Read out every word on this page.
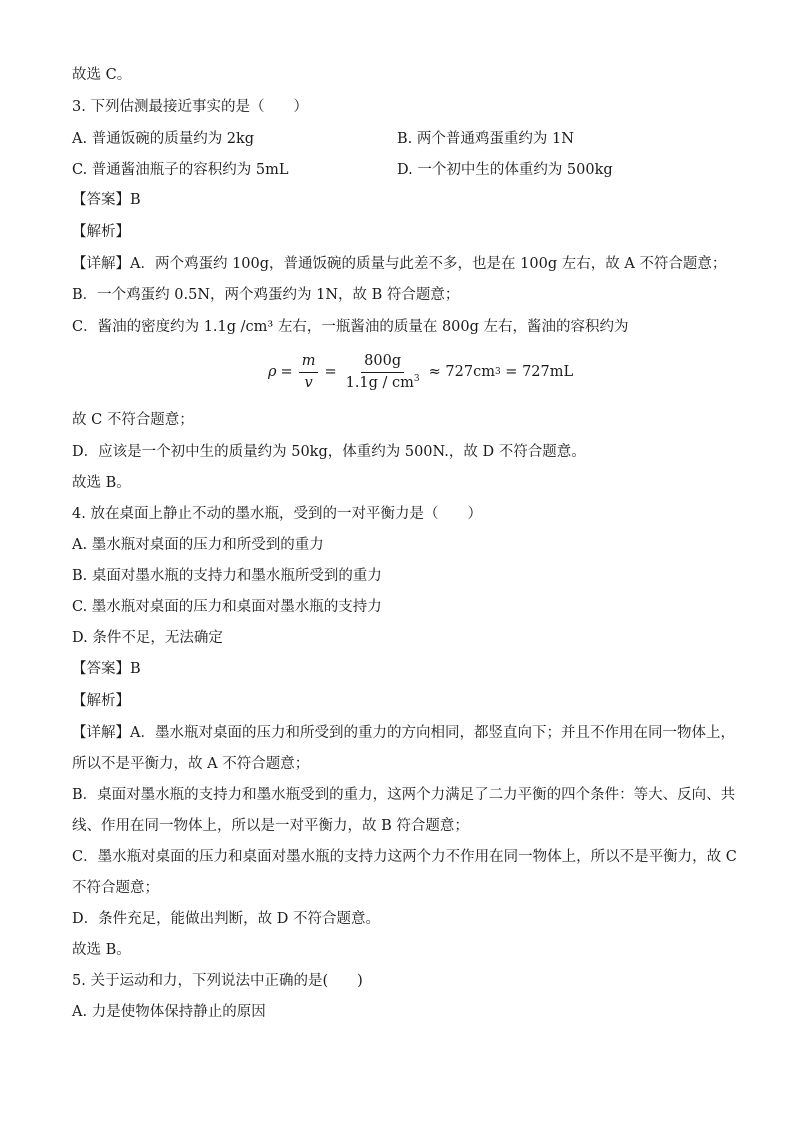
故选 C。
3. 下列估测最接近事实的是（　　）
A. 普通饭碗的质量约为 2kg	B. 两个普通鸡蛋重约为 1N
C. 普通酱油瓶子的容积约为 5mL	D. 一个初中生的体重约为 500kg
【答案】B
【解析】
【详解】A．两个鸡蛋约 100g，普通饭碗的质量与此差不多，也是在 100g 左右，故 A 不符合题意；
B．一个鸡蛋约 0.5N，两个鸡蛋约为 1N，故 B 符合题意；
C．酱油的密度约为 1.1g /cm³ 左右，一瓶酱油的质量在 800g 左右，酱油的容积约为
$\rho = \frac{m}{v} = \frac{800g}{1.1g / cm^3} \approx 727cm$ 3 = 727mL
故 C 不符合题意；
D．应该是一个初中生的质量约为 50kg，体重约为 500N.，故 D 不符合题意。
故选 B。
4. 放在桌面上静止不动的墨水瓶，受到的一对平衡力是（　　）
A. 墨水瓶对桌面的压力和所受到的重力
B. 桌面对墨水瓶的支持力和墨水瓶所受到的重力
C. 墨水瓶对桌面的压力和桌面对墨水瓶的支持力
D. 条件不足，无法确定
【答案】B
【解析】
【详解】A．墨水瓶对桌面的压力和所受到的重力的方向相同，都竖直向下；并且不作用在同一物体上，
所以不是平衡力，故 A 不符合题意；
B．桌面对墨水瓶的支持力和墨水瓶受到的重力，这两个力满足了二力平衡的四个条件：等大、反向、共
线、作用在同一物体上，所以是一对平衡力，故 B 符合题意；
C．墨水瓶对桌面的压力和桌面对墨水瓶的支持力这两个力不作用在同一物体上，所以不是平衡力，故 C
不符合题意；
D．条件充足，能做出判断，故 D 不符合题意。
故选 B。
5. 关于运动和力，下列说法中正确的是(　　)
A. 力是使物体保持静止的原因
